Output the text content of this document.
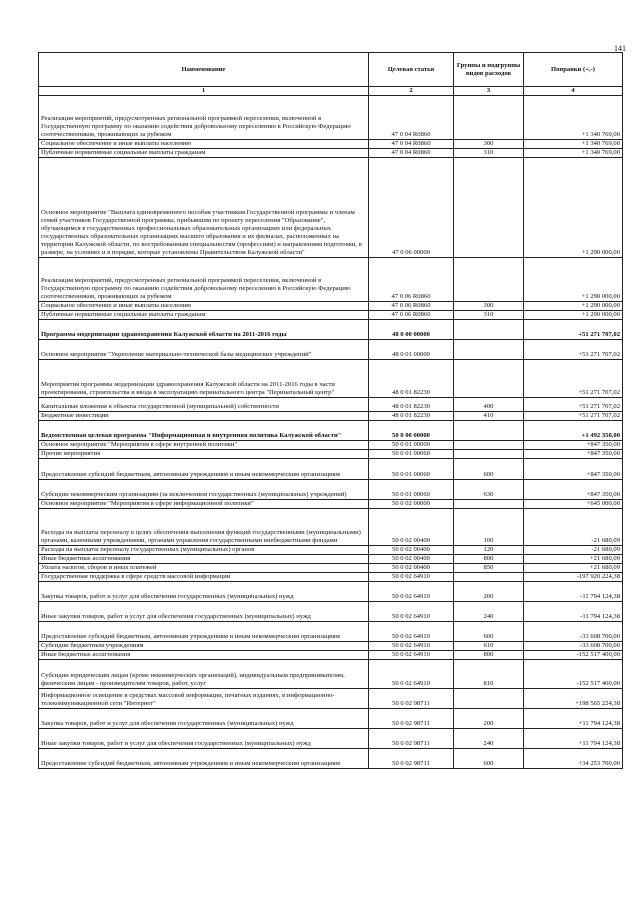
141
Наименование	Целевая статья	Группы и подгруппы видов расходов	Поправки (+,-)
1	2	3	4
Реализация мероприятий, предусмотренных региональной программой переселения, включенной в Государственную программу по оказанию содействия добровольному переселению в Российскую Федерацию соотечественников, проживающих за рубежом	47 0 04 R0860		+1 340 769,00
Социальное обеспечение и иные выплаты населению	47 0 04 R0860	300	+1 340 769,00
Публичные нормативные социальные выплаты гражданам	47 0 04 R0860	310	+1 340 769,00
Основное мероприятие "Выплата единовременного пособия участникам Государственной программы и членам семей участников Государственной программы, прибывшим по проекту переселения "Образование", обучающимся в государственных профессиональных образовательных организациях или федеральных государственных образовательных организациях высшего образования и их филиалах, расположенных на территории Калужской области, по востребованным специальностям (профессиям) и направлениям подготовки, в размере, на условиях и в порядке, которые установлены Правительством Калужской области"	47 0 06 00000		+1 290 000,00
Реализация мероприятий, предусмотренных региональной программой переселения, включенной в Государственную программу по оказанию содействия добровольному переселению в Российскую Федерацию соотечественников, проживающих за рубежом	47 0 06 R0860		+1 290 000,00
Социальное обеспечение и иные выплаты населению	47 0 06 R0860	300	+1 290 000,00
Публичные нормативные социальные выплаты гражданам	47 0 06 R0860	310	+1 290 000,00
Программа модернизации здравоохранения Калужской области на 2011-2016 годы	48 0 00 00000		+51 271 707,02
Основное мероприятие "Укрепление материально-технической базы медицинских учреждений"	48 0 01 00000		+51 271 707,02
Мероприятия программы модернизации здравоохранения Калужской области на 2011-2016 годы в части проектирования, строительства и ввода в эксплуатацию перинатального центра "Перинатальный центр"	48 0 01 82230		+51 271 707,02
Капитальные вложения в объекты государственной (муниципальной) собственности	48 0 01 82230	400	+51 271 707,02
Бюджетные инвестиции	48 0 01 82230	410	+51 271 707,02
Ведомственная целевая программа "Информационная и внутренняя политика Калужской области"	50 0 00 00000		+1 492 350,00
Основное мероприятие "Мероприятия в сфере внутренней политики"	50 0 01 00000		+847 350,00
Прочие мероприятия	50 0 01 00060		+847 350,00
Предоставление субсидий бюджетным, автономным учреждениям и иным некоммерческим организациям	50 0 01 00060	600	+847 350,00
Субсидии некоммерческим организациям (за исключением государственных (муниципальных) учреждений)	50 0 01 00060	630	+847 350,00
Основное мероприятие "Мероприятия в сфере информационной политики"	50 0 02 00000		+645 000,00
Расходы на выплаты персоналу в целях обеспечения выполнения функций государственными (муниципальными) органами, казенными учреждениями, органами управления государственными внебюджетными фондами	50 0 02 00400	100	-21 680,09
Расходы на выплаты персоналу государственных (муниципальных) органов	50 0 02 00400	120	-21 680,09
Иные бюджетные ассигнования	50 0 02 00400	800	+21 680,09
Уплата налогов, сборов и иных платежей	50 0 02 00400	850	+21 680,09
Государственная поддержка в сфере средств массовой информации	50 0 02 64910		-197 920 224,38
Закупка товаров, работ и услуг для обеспечения государственных (муниципальных) нужд	50 0 02 64910	200	-11 794 124,38
Иные закупки товаров, работ и услуг для обеспечения государственных (муниципальных) нужд	50 0 02 64910	240	-11 794 124,38
Предоставление субсидий бюджетным, автономным учреждениям и иным некоммерческим организациям	50 0 02 64910	600	-33 608 700,00
Субсидии бюджетным учреждениям	50 0 02 64910	610	-33 608 700,00
Иные бюджетные ассигнования	50 0 02 64910	800	-152 517 400,00
Субсидии юридическим лицам (кроме некоммерческих организаций), индивидуальным предпринимателям, физическим лицам - производителям товаров, работ, услуг	50 0 02 64910	810	-152 517 400,00
Информационное освещение в средствах массовой информации, печатных изданиях, в информационно-телекоммуникационной сети "Интернет"	50 0 02 98711		+198 565 224,38
Закупка товаров, работ и услуг для обеспечения государственных (муниципальных) нужд	50 0 02 98711	200	+11 794 124,38
Иные закупки товаров, работ и услуг для обеспечения государственных (муниципальных) нужд	50 0 02 98711	240	+11 794 124,38
Предоставление субсидий бюджетным, автономным учреждениям и иным некоммерческим организациям	50 0 02 98711	600	+34 253 700,00
